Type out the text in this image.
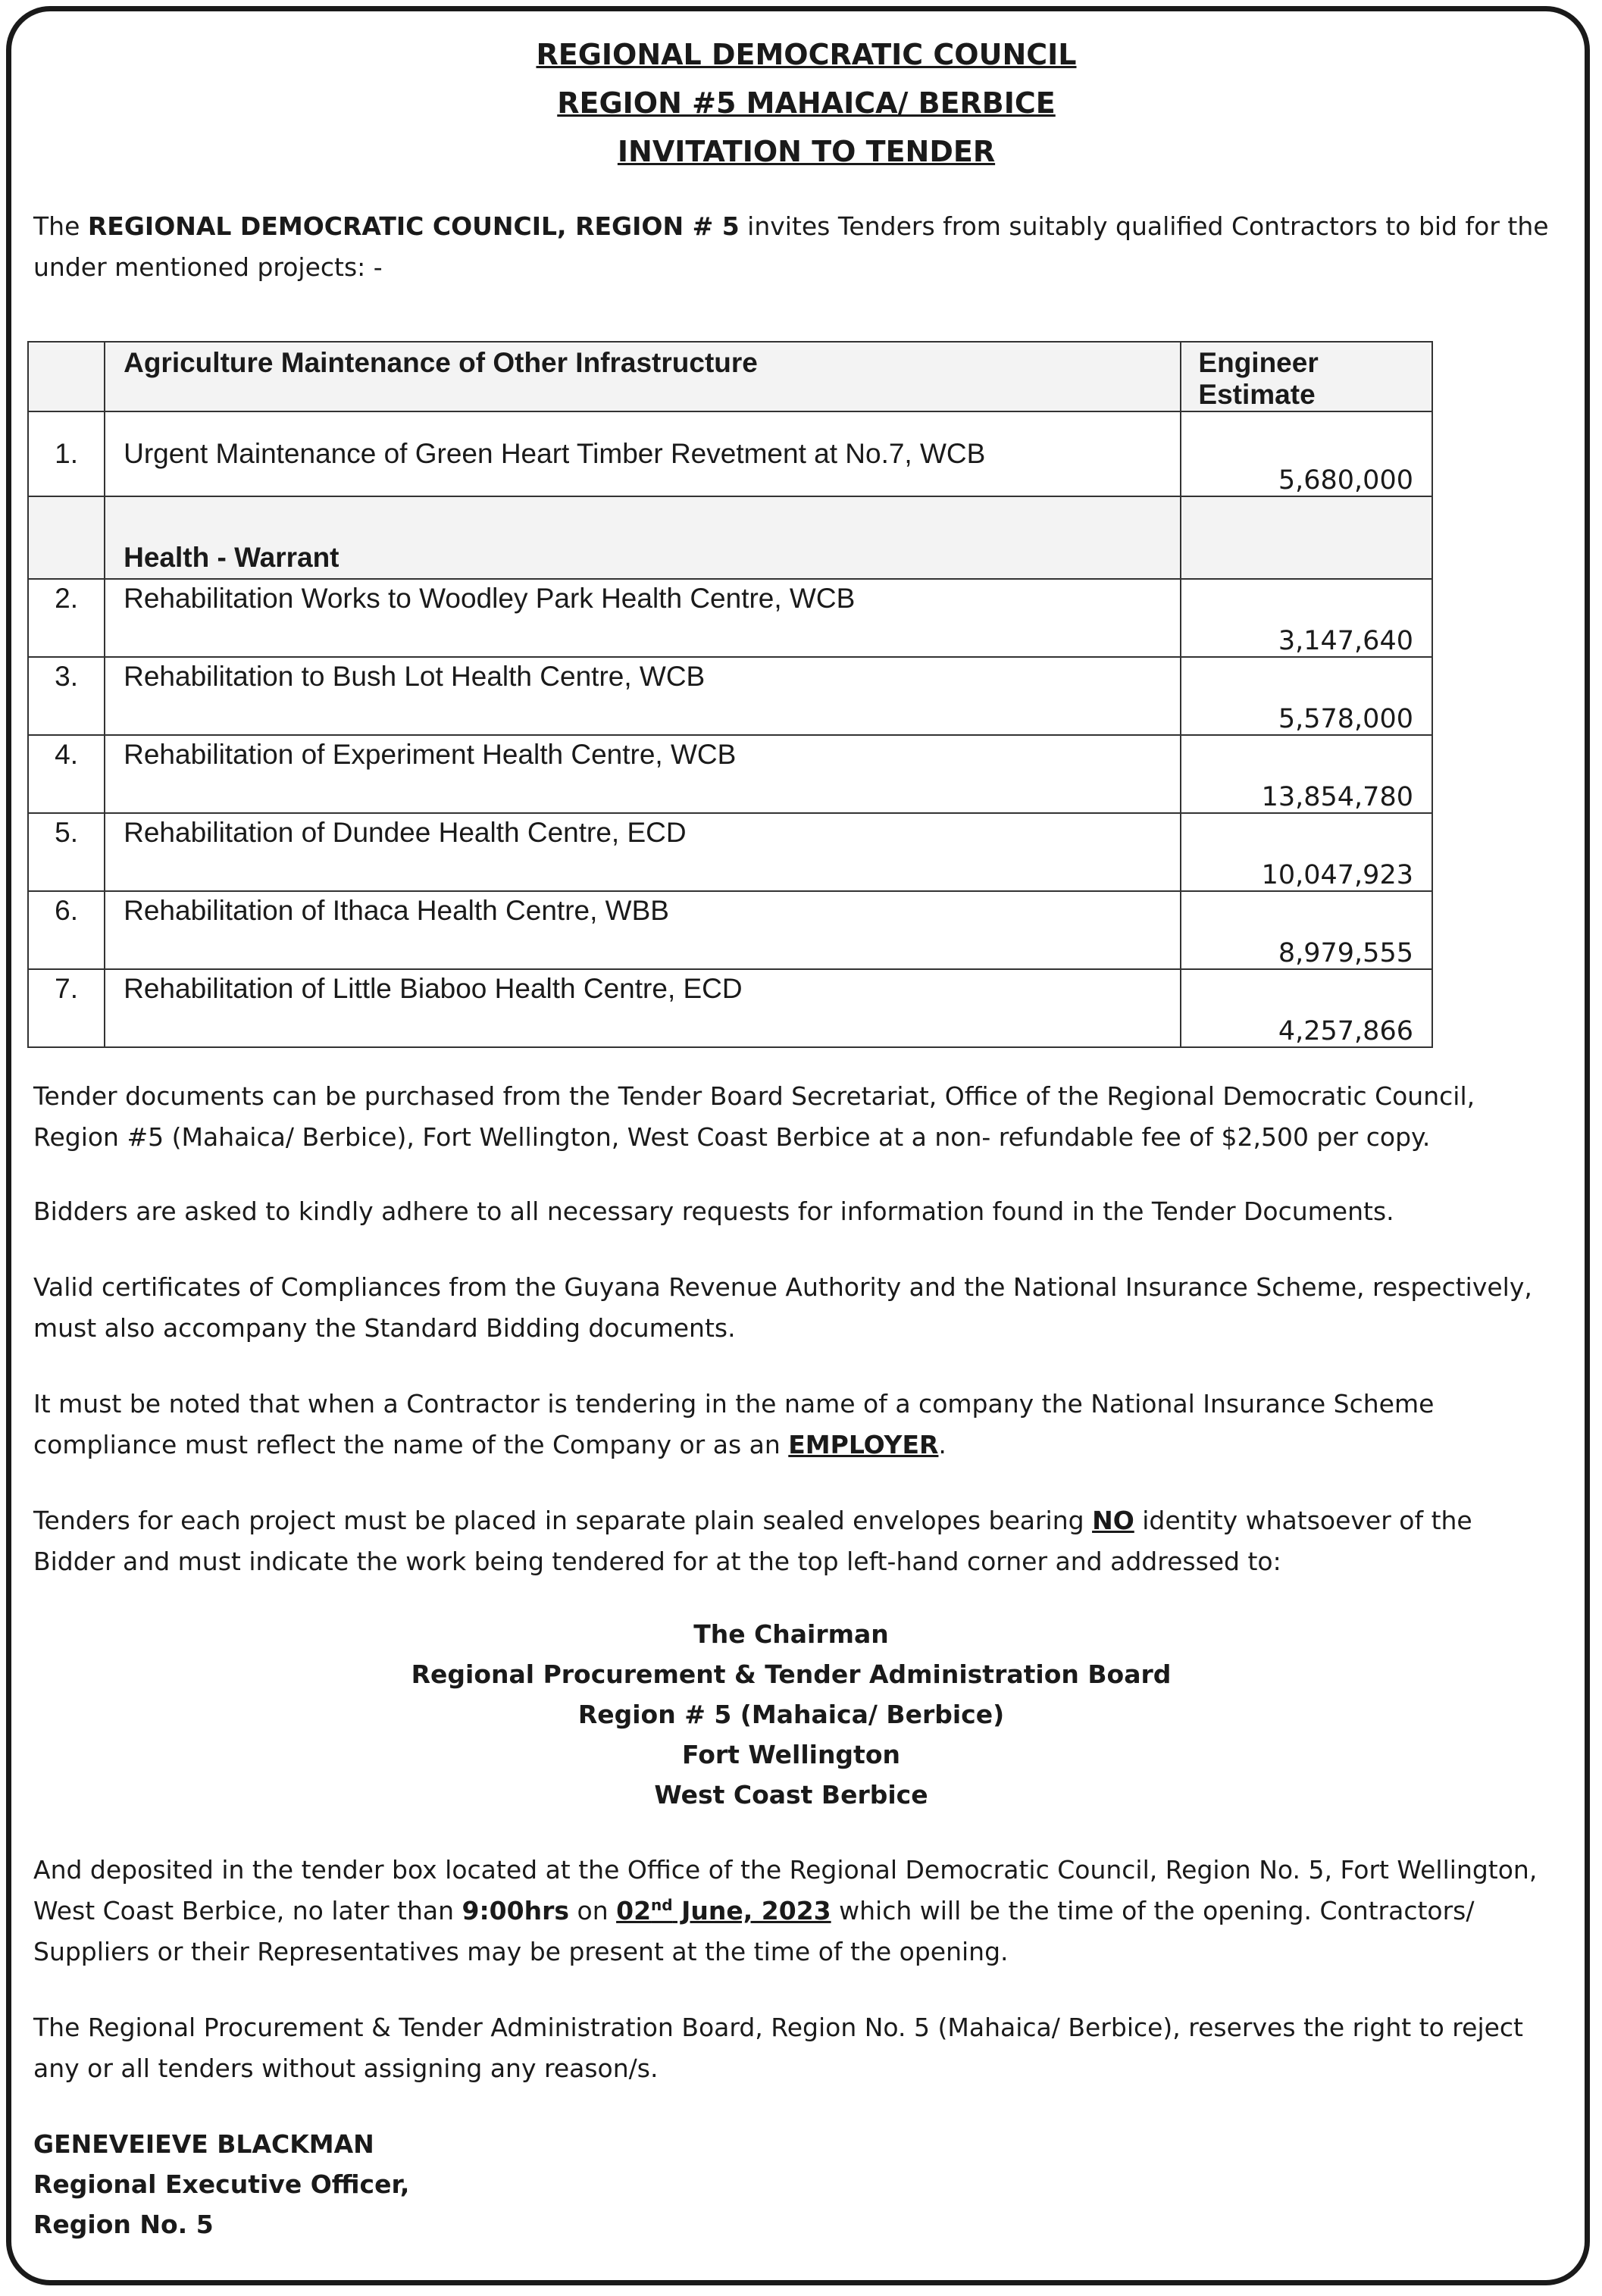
REGIONAL DEMOCRATIC COUNCIL
REGION #5 MAHAICA/ BERBICE
INVITATION TO TENDER

The REGIONAL DEMOCRATIC COUNCIL, REGION # 5 invites Tenders from suitably qualified Contractors to bid for the under mentioned projects: -

	Agriculture Maintenance of Other Infrastructure	Engineer
Estimate

1.	Urgent Maintenance of Green Heart Timber Revetment at No.7, WCB	5,680,000
	Health - Warrant	

2.	Rehabilitation Works to Woodley Park Health Centre, WCB	3,147,640

3.	Rehabilitation to Bush Lot Health Centre, WCB	5,578,000

4.	Rehabilitation of Experiment Health Centre, WCB	13,854,780

5.	Rehabilitation of Dundee Health Centre, ECD	10,047,923

6.	Rehabilitation of Ithaca Health Centre, WBB	8,979,555

7.	Rehabilitation of Little Biaboo Health Centre, ECD	4,257,866

Tender documents can be purchased from the Tender Board Secretariat, Office of the Regional Democratic Council, Region #5 (Mahaica/ Berbice), Fort Wellington, West Coast Berbice at a non- refundable fee of $2,500 per copy.

Bidders are asked to kindly adhere to all necessary requests for information found in the Tender Documents.

Valid certificates of Compliances from the Guyana Revenue Authority and the National Insurance Scheme, respectively, must also accompany the Standard Bidding documents.

It must be noted that when a Contractor is tendering in the name of a company the National Insurance Scheme compliance must reflect the name of the Company or as an EMPLOYER.

Tenders for each project must be placed in separate plain sealed envelopes bearing NO identity whatsoever of the Bidder and must indicate the work being tendered for at the top left-hand corner and addressed to:

The Chairman
Regional Procurement & Tender Administration Board
Region # 5 (Mahaica/ Berbice)
Fort Wellington
West Coast Berbice

And deposited in the tender box located at the Office of the Regional Democratic Council, Region No. 5, Fort Wellington, West Coast Berbice, no later than 9:00hrs on 02nd June, 2023 which will be the time of the opening. Contractors/ Suppliers or their Representatives may be present at the time of the opening.

The Regional Procurement & Tender Administration Board, Region No. 5 (Mahaica/ Berbice), reserves the right to reject any or all tenders without assigning any reason/s.

GENEVEIEVE BLACKMAN
Regional Executive Officer,
Region No. 5
